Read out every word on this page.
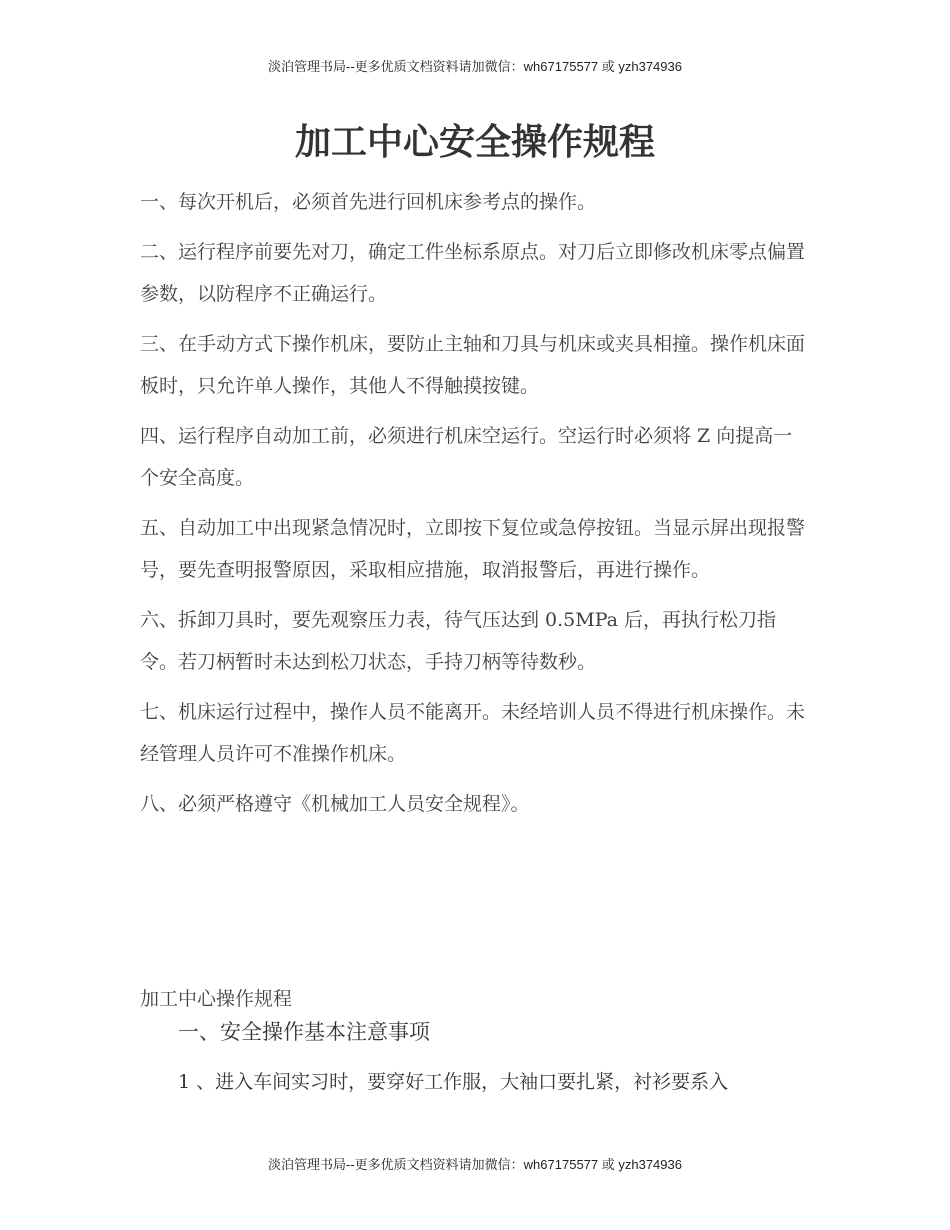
淡泊管理书局--更多优质文档资料请加微信：wh67175577 或 yzh374936
加工中心安全操作规程

一、每次开机后，必须首先进行回机床参考点的操作。

二、运行程序前要先对刀，确定工件坐标系原点。对刀后立即修改机床零点偏置参数，以防程序不正确运行。

三、在手动方式下操作机床，要防止主轴和刀具与机床或夹具相撞。操作机床面板时，只允许单人操作，其他人不得触摸按键。

四、运行程序自动加工前，必须进行机床空运行。空运行时必须将 Z 向提高一个安全高度。

五、自动加工中出现紧急情况时，立即按下复位或急停按钮。当显示屏出现报警号，要先查明报警原因，采取相应措施，取消报警后，再进行操作。

六、拆卸刀具时，要先观察压力表，待气压达到 0.5MPa 后，再执行松刀指令。若刀柄暂时未达到松刀状态，手持刀柄等待数秒。

七、机床运行过程中，操作人员不能离开。未经培训人员不得进行机床操作。未经管理人员许可不准操作机床。

八、必须严格遵守《机械加工人员安全规程》。

加工中心操作规程
一、安全操作基本注意事项
1 、进入车间实习时，要穿好工作服，大袖口要扎紧，衬衫要系入
淡泊管理书局--更多优质文档资料请加微信：wh67175577 或 yzh374936
